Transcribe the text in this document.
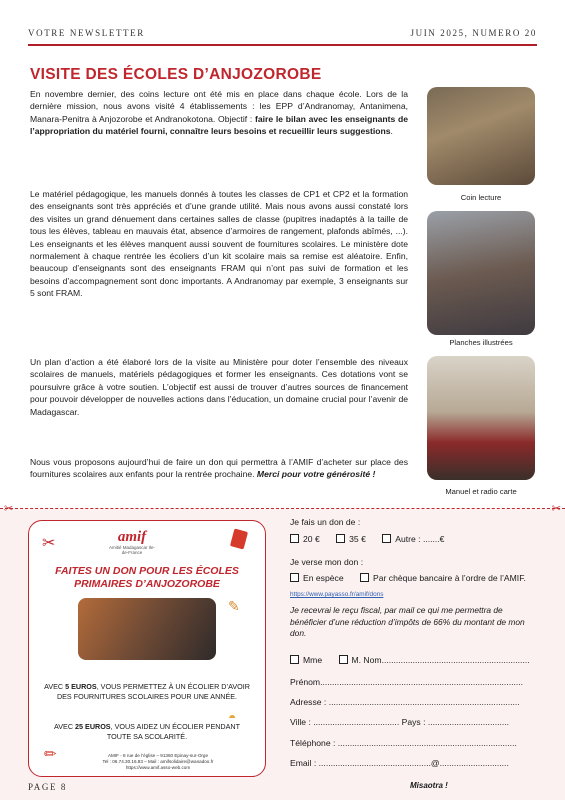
VOTRE NEWSLETTER	JUIN 2025, NUMERO 20
VISITE DES ÉCOLES D’ANJOZOROBE

En novembre dernier, des coins lecture ont été mis en place dans chaque école. Lors de la dernière mission, nous avons visité 4 établissements : les EPP d’Andranomay, Antanimena, Manara-Penitra à Anjozorobe et Andranokotona. Objectif : faire le bilan avec les enseignants de l’appropriation du matériel fourni, connaître leurs besoins et recueillir leurs suggestions.

Le matériel pédagogique, les manuels donnés à toutes les classes de CP1 et CP2 et la formation des enseignants sont très appréciés et d’une grande utilité. Mais nous avons aussi constaté lors des visites un grand dénuement dans certaines salles de classe (pupitres inadaptés à la taille de tous les élèves, tableau en mauvais état, absence d’armoires de rangement, plafonds abîmés, ...). Les enseignants et les élèves manquent aussi souvent de fournitures scolaires. Le ministère dote normalement à chaque rentrée les écoliers d’un kit scolaire mais sa remise est aléatoire. Enfin, beaucoup d’enseignants sont des enseignants FRAM qui n’ont pas suivi de formation et les besoins d’accompagnement sont donc importants. A Andranomay par exemple, 3 enseignants sur 5 sont FRAM.

Un plan d’action a été élaboré lors de la visite au Ministère pour doter l’ensemble des niveaux scolaires de manuels, matériels pédagogiques et former les enseignants. Ces dotations vont se poursuivre grâce à votre soutien. L’objectif est aussi de trouver d’autres sources de financement pour pouvoir développer de nouvelles actions dans l’éducation, un domaine crucial pour l’avenir de Madagascar.

Nous vous proposons aujourd’hui de faire un don qui permettra à l’AMIF d’acheter sur place des fournitures scolaires aux enfants pour la rentrée prochaine. Merci pour votre générosité !

Coin lecture
Planches illustrées
Manuel et radio carte
✂	✂
amif
Amitié Madagascar Ile-de-France
✂
✎
◓
✏
FAITES UN DON POUR LES ÉCOLES PRIMAIRES D’ANJOZOROBE
AVEC 5 EUROS, VOUS PERMETTEZ À UN ÉCOLIER D’AVOIR DES FOURNITURES SCOLAIRES POUR UNE ANNÉE.
AVEC 25 EUROS, VOUS AIDEZ UN ÉCOLIER PENDANT TOUTE SA SCOLARITÉ.
AMIF - 8 rue de l’église – 91360 Epinay-sur-Orge
Tel : 06.74.30.16.83 – Mail : amifsolidaire@wanadoo.fr
https://www.amif.asso-web.com
Je fais un don de :
20 €	35 €	Autre : .......€
Je verse mon don :
En espèce	Par chèque bancaire à l’ordre de l’AMIF.
https://www.payasso.fr/amif/dons
Je recevrai le reçu fiscal, par mail ce qui me permettra de bénéficier d’une réduction d’impôts de 66% du montant de mon don.
Mme	M. Nom..............................................................
Prénom.....................................................................................
Adresse : ................................................................................
Ville : .................................... Pays : ..................................
Téléphone : ...........................................................................
Email : ...............................................@.............................
PAGE 8	Misaotra !
